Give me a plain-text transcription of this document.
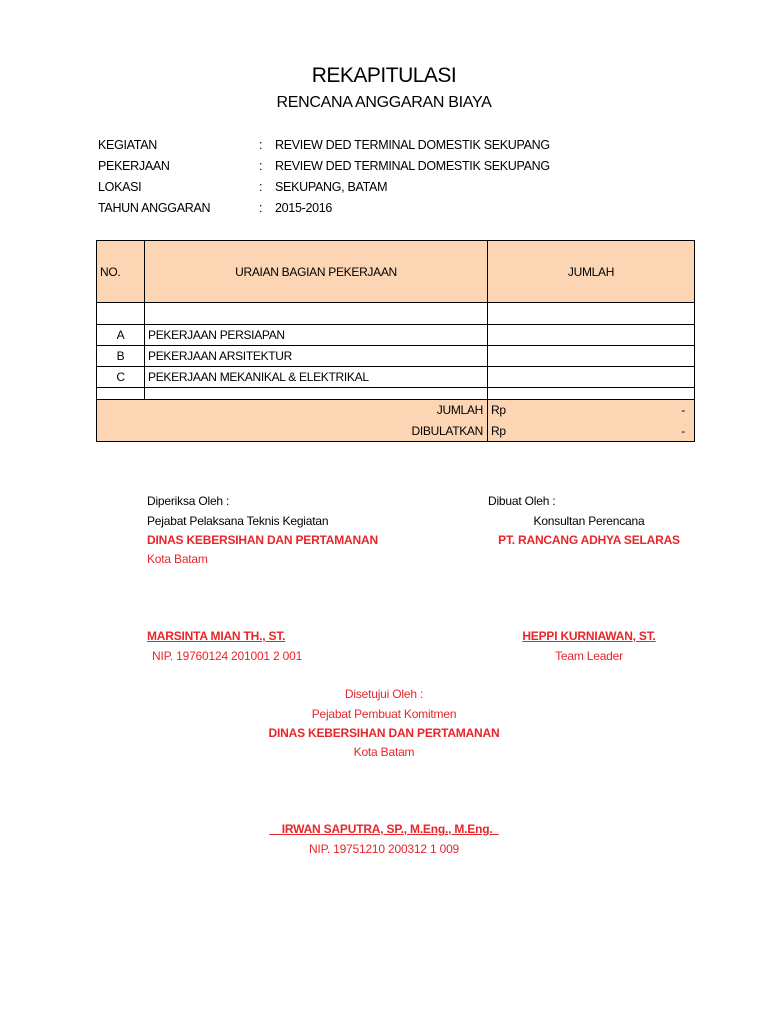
REKAPITULASI
RENCANA ANGGARAN BIAYA
KEGIATAN	: REVIEW DED TERMINAL DOMESTIK SEKUPANG
PEKERJAAN	: REVIEW DED TERMINAL DOMESTIK SEKUPANG
LOKASI	: SEKUPANG, BATAM
TAHUN ANGGARAN	: 2015-2016
NO.	URAIAN BAGIAN PEKERJAAN	JUMLAH

A	PEKERJAAN PERSIAPAN	
B	PEKERJAAN ARSITEKTUR	
C	PEKERJAAN MEKANIKAL & ELEKTRIKAL	

JUMLAH		Rp -

DIBULATKAN		Rp -
Diperiksa Oleh :
Pejabat Pelaksana Teknis Kegiatan
DINAS KEBERSIHAN DAN PERTAMANAN
Kota Batam
MARSINTA MIAN TH., ST.
NIP. 19760124 201001 2 001
Dibuat Oleh :
Konsultan Perencana
PT. RANCANG ADHYA SELARAS
HEPPI KURNIAWAN, ST.
Team Leader
Disetujui Oleh :
Pejabat Pembuat Komitmen
DINAS KEBERSIHAN DAN PERTAMANAN
Kota Batam
IRWAN SAPUTRA, SP., M.Eng., M.Eng.
NIP. 19751210 200312 1 009
